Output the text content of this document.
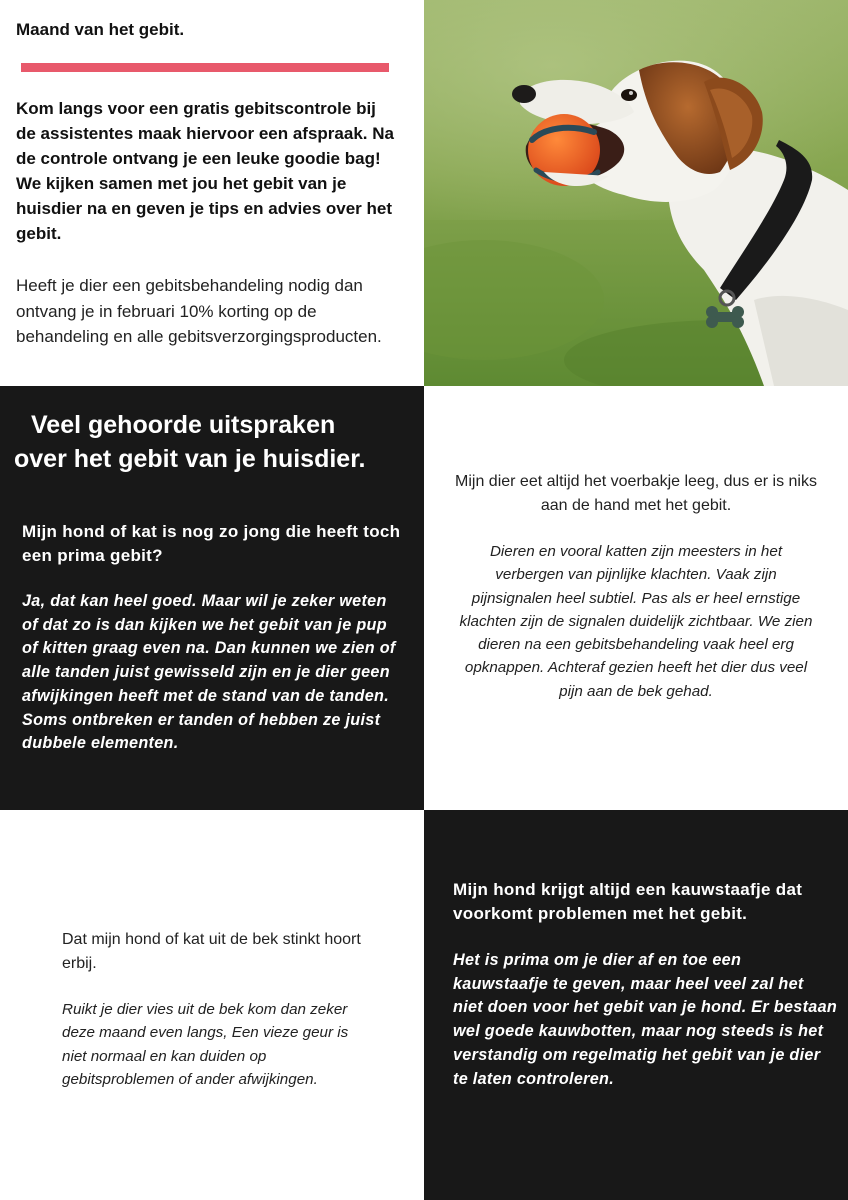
Maand van het gebit.

Kom langs voor een gratis gebitscontrole bij de assistentes maak hiervoor een afspraak. Na de controle ontvang je een leuke goodie bag! We kijken samen met jou het gebit van je huisdier na en geven je tips en advies over het gebit.

Heeft je dier een gebitsbehandeling nodig dan ontvang je in februari 10% korting op de behandeling en alle gebitsverzorgingsproducten.

Veel gehoorde uitspraken
over het gebit van je huisdier.

Mijn hond of kat is nog zo jong die heeft toch een prima gebit?

Ja, dat kan heel goed. Maar wil je zeker weten of dat zo is dan kijken we het gebit van je pup of kitten graag even na. Dan kunnen we zien of alle tanden juist gewisseld zijn en je dier geen afwijkingen heeft met de stand van de tanden. Soms ontbreken er tanden of hebben ze juist dubbele elementen.

Mijn dier eet altijd het voerbakje leeg, dus er is niks aan de hand met het gebit.

Dieren en vooral katten zijn meesters in het verbergen van pijnlijke klachten. Vaak zijn pijnsignalen heel subtiel. Pas als er heel ernstige klachten zijn de signalen duidelijk zichtbaar. We zien dieren na een gebitsbehandeling vaak heel erg opknappen. Achteraf gezien heeft het dier dus veel pijn aan de bek gehad.

Dat mijn hond of kat uit de bek stinkt hoort erbij.

Ruikt je dier vies uit de bek kom dan zeker deze maand even langs, Een vieze geur is niet normaal en kan duiden op gebitsproblemen of ander afwijkingen.

Mijn hond krijgt altijd een kauwstaafje dat voorkomt problemen met het gebit.

Het is prima om je dier af en toe een kauwstaafje te geven, maar heel veel zal het niet doen voor het gebit van je hond. Er bestaan wel goede kauwbotten, maar nog steeds is het verstandig om regelmatig het gebit van je dier te laten controleren.
